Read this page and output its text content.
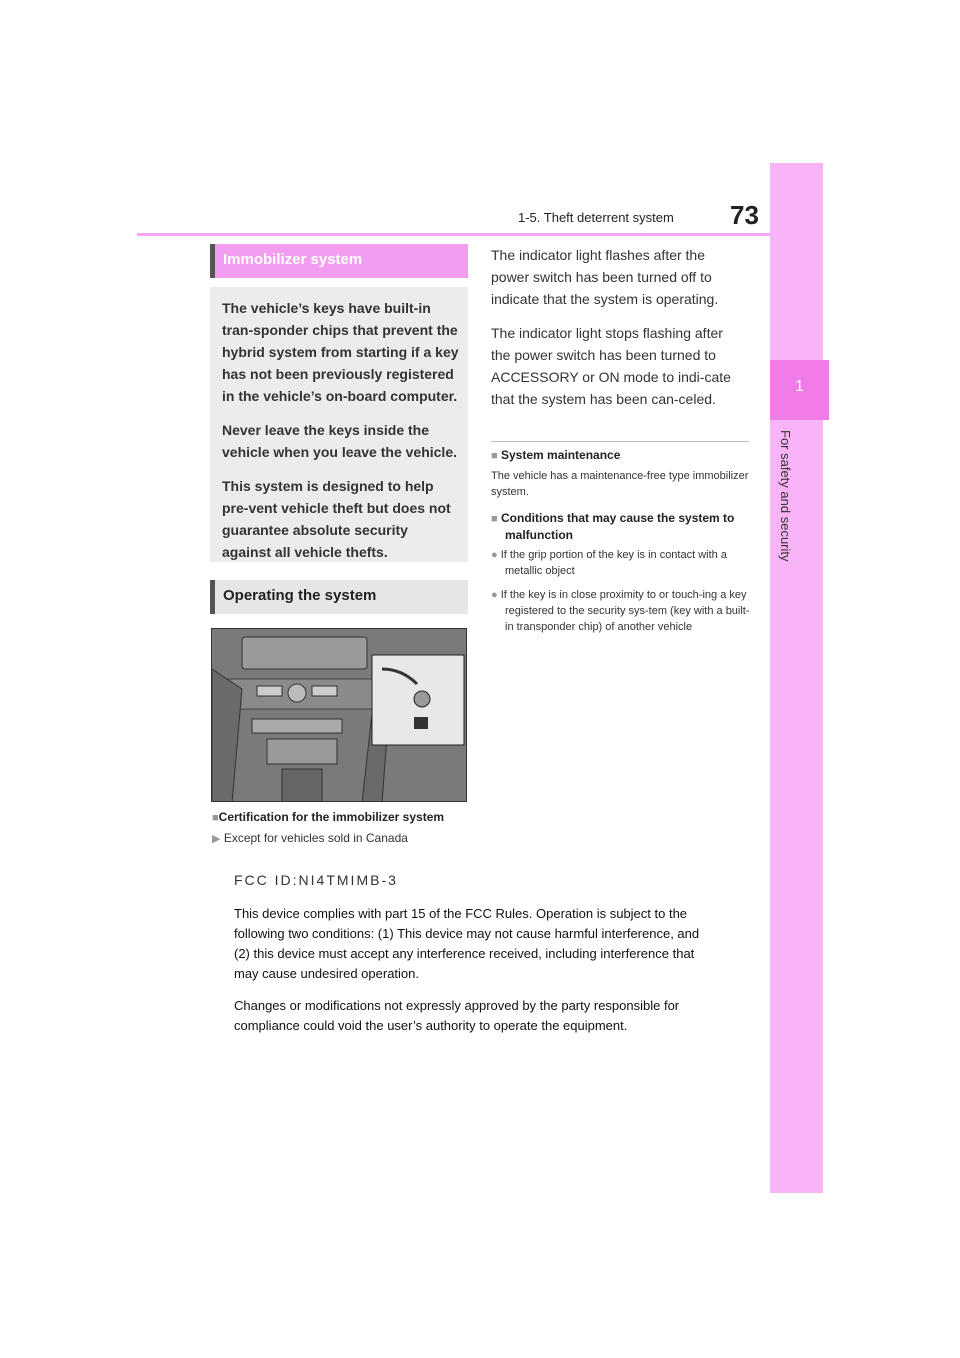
1-5. Theft deterrent system 73
1
For safety and security
Immobilizer system

The vehicle’s keys have built-in tran-sponder chips that prevent the hybrid system from starting if a key has not been previously registered in the vehicle’s on-board computer.

Never leave the keys inside the vehicle when you leave the vehicle.

This system is designed to help pre-vent vehicle theft but does not guarantee absolute security against all vehicle thefts.

Operating the system
■Certification for the immobilizer system
▶ Except for vehicles sold in Canada
FCC ID:NI4TMIMB-3

This device complies with part 15 of the FCC Rules. Operation is subject to the following two conditions: (1) This device may not cause harmful interference, and (2) this device must accept any interference received, including interference that may cause undesired operation.

Changes or modifications not expressly approved by the party responsible for compliance could void the user’s authority to operate the equipment.

The indicator light flashes after the power switch has been turned off to indicate that the system is operating.

The indicator light stops flashing after the power switch has been turned to ACCESSORY or ON mode to indi-cate that the system has been can-celed.

■ System maintenance

The vehicle has a maintenance-free type immobilizer system.

■ Conditions that may cause the system to malfunction

● If the grip portion of the key is in contact with a metallic object

● If the key is in close proximity to or touch-ing a key registered to the security sys-tem (key with a built-in transponder chip) of another vehicle
